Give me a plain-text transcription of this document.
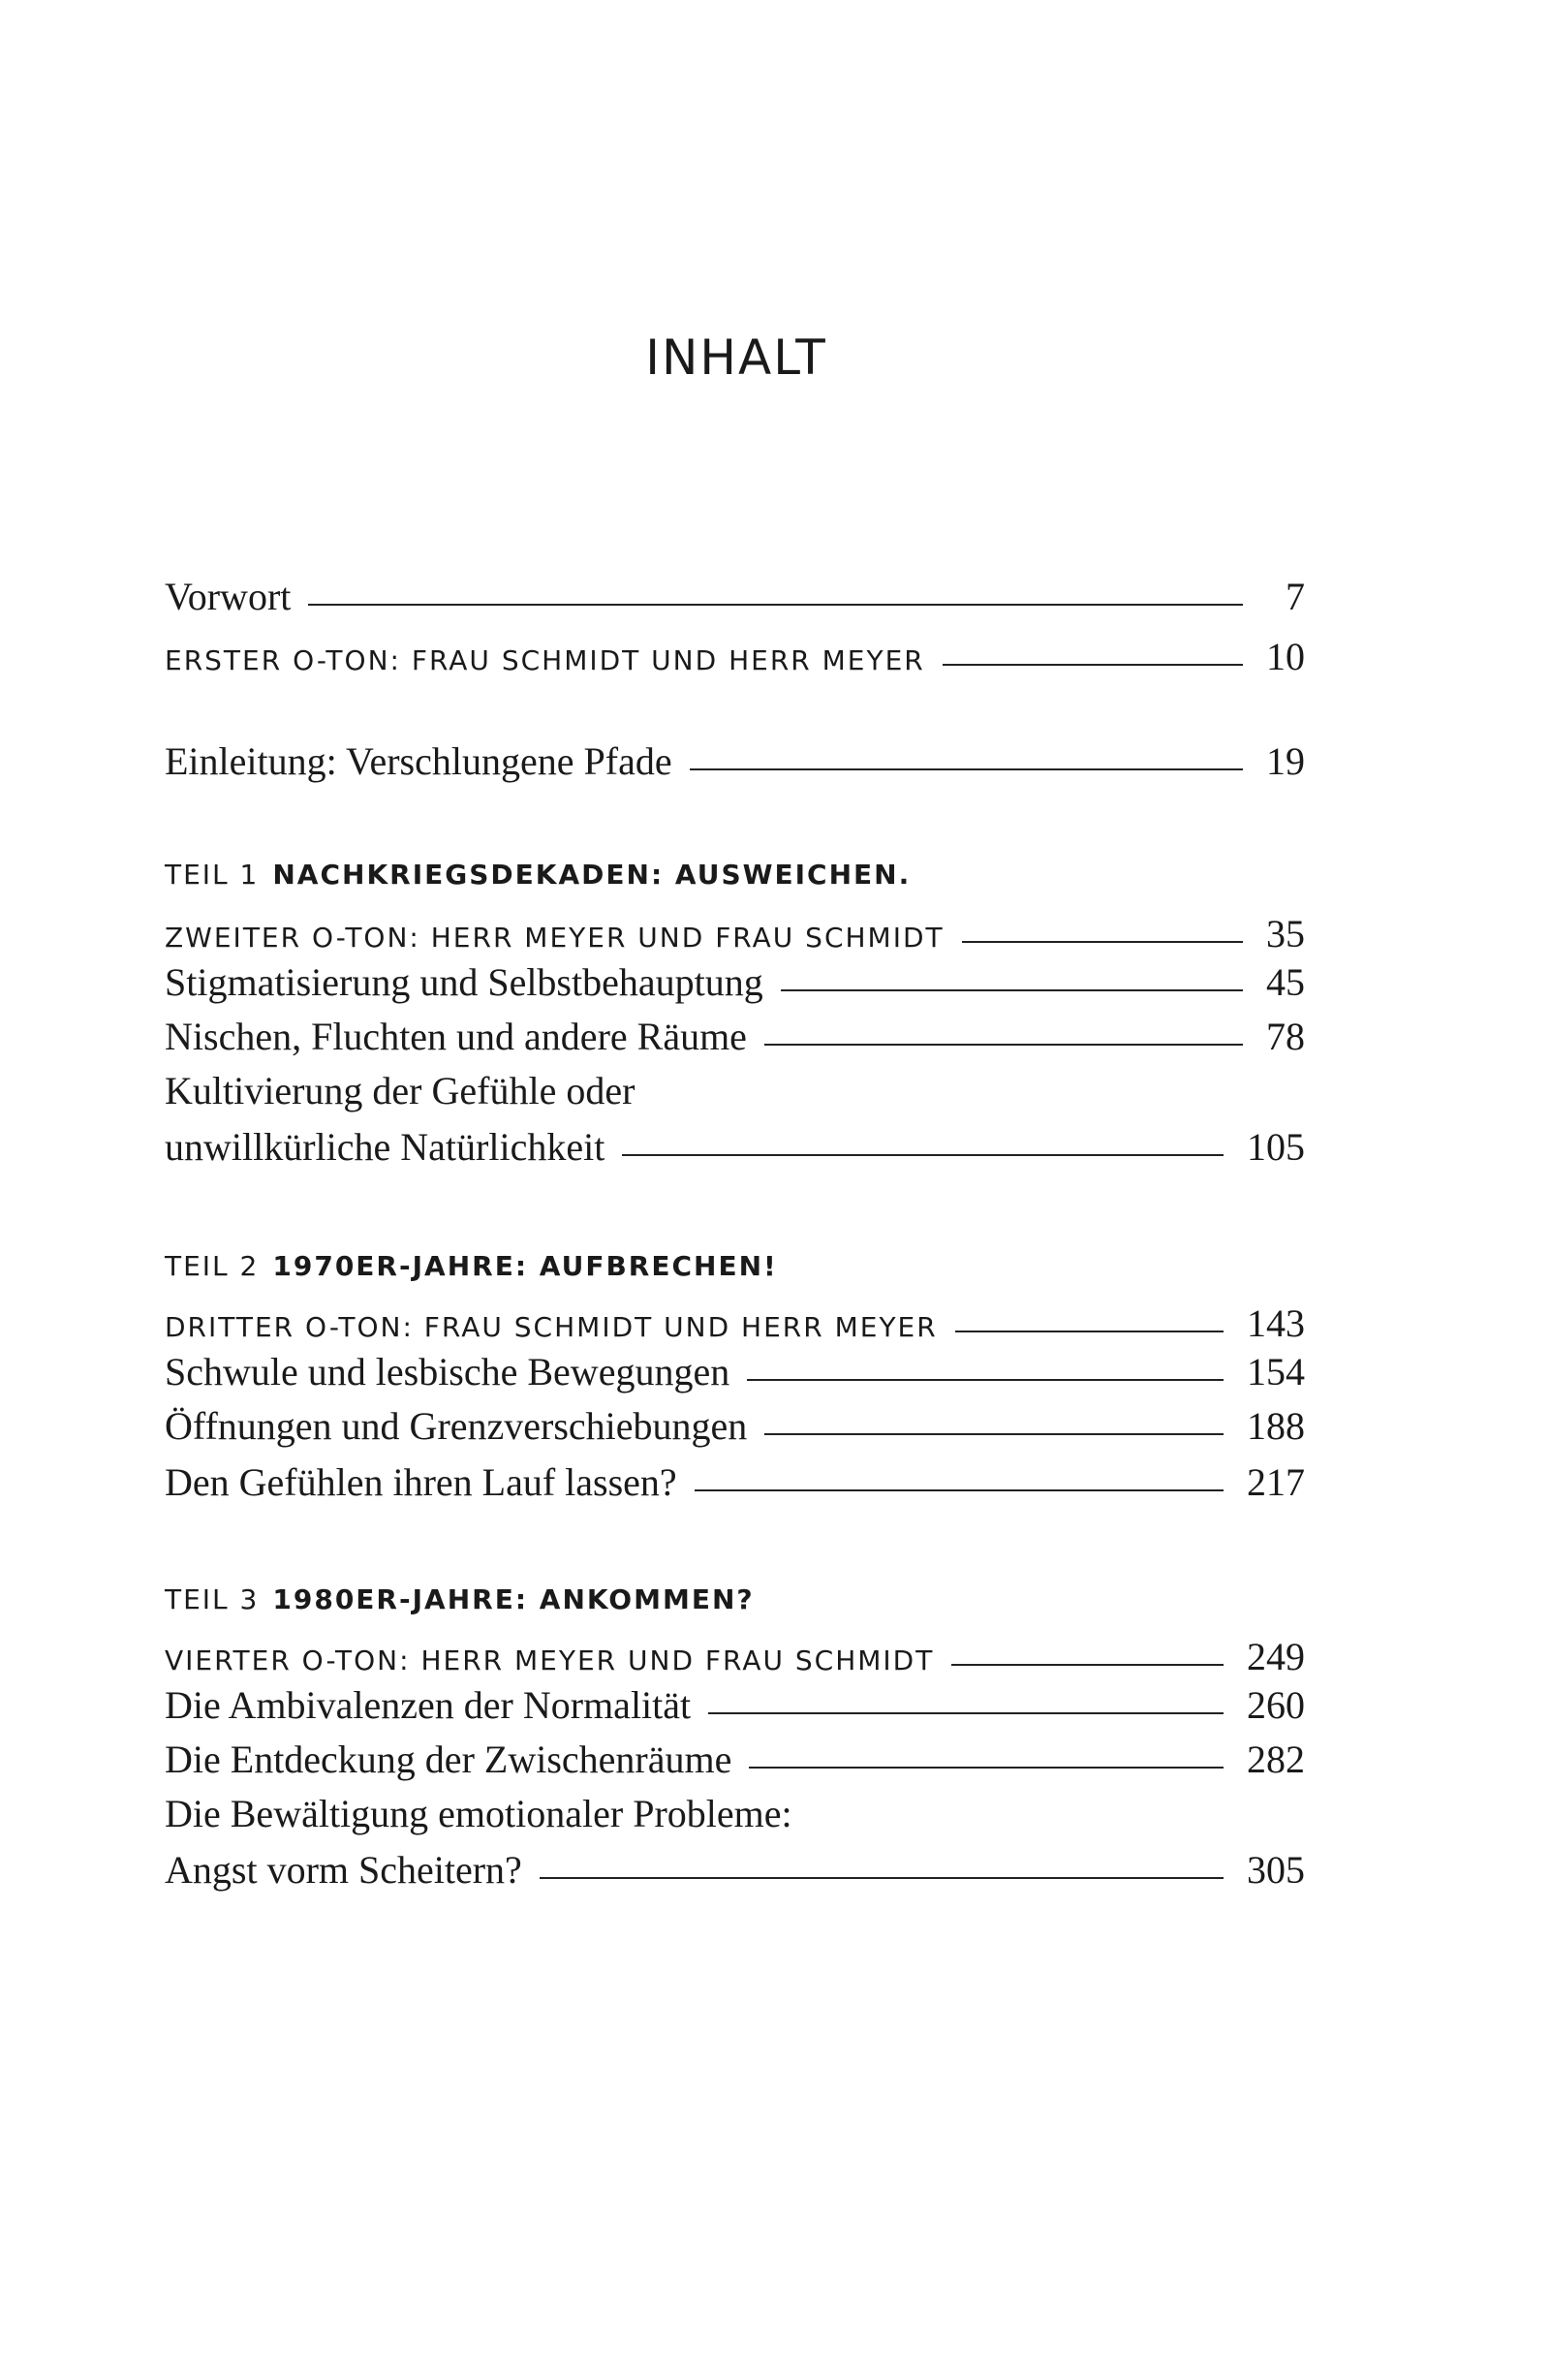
INHALT
Vorwort	7
ERSTER O-TON: FRAU SCHMIDT UND HERR MEYER	10
Einleitung: Verschlungene Pfade	19
TEIL 1 NACHKRIEGSDEKADEN: AUSWEICHEN.
ZWEITER O-TON: HERR MEYER UND FRAU SCHMIDT	35
Stigmatisierung und Selbstbehauptung	45
Nischen, Fluchten und andere Räume	78
Kultivierung der Gefühle oder
unwillkürliche Natürlichkeit	105
TEIL 2 1970ER-JAHRE: AUFBRECHEN!
DRITTER O-TON: FRAU SCHMIDT UND HERR MEYER	143
Schwule und lesbische Bewegungen	154
Öffnungen und Grenzverschiebungen	188
Den Gefühlen ihren Lauf lassen?	217
TEIL 3 1980ER-JAHRE: ANKOMMEN?
VIERTER O-TON: HERR MEYER UND FRAU SCHMIDT	249
Die Ambivalenzen der Normalität	260
Die Entdeckung der Zwischenräume	282
Die Bewältigung emotionaler Probleme:
Angst vorm Scheitern?	305
